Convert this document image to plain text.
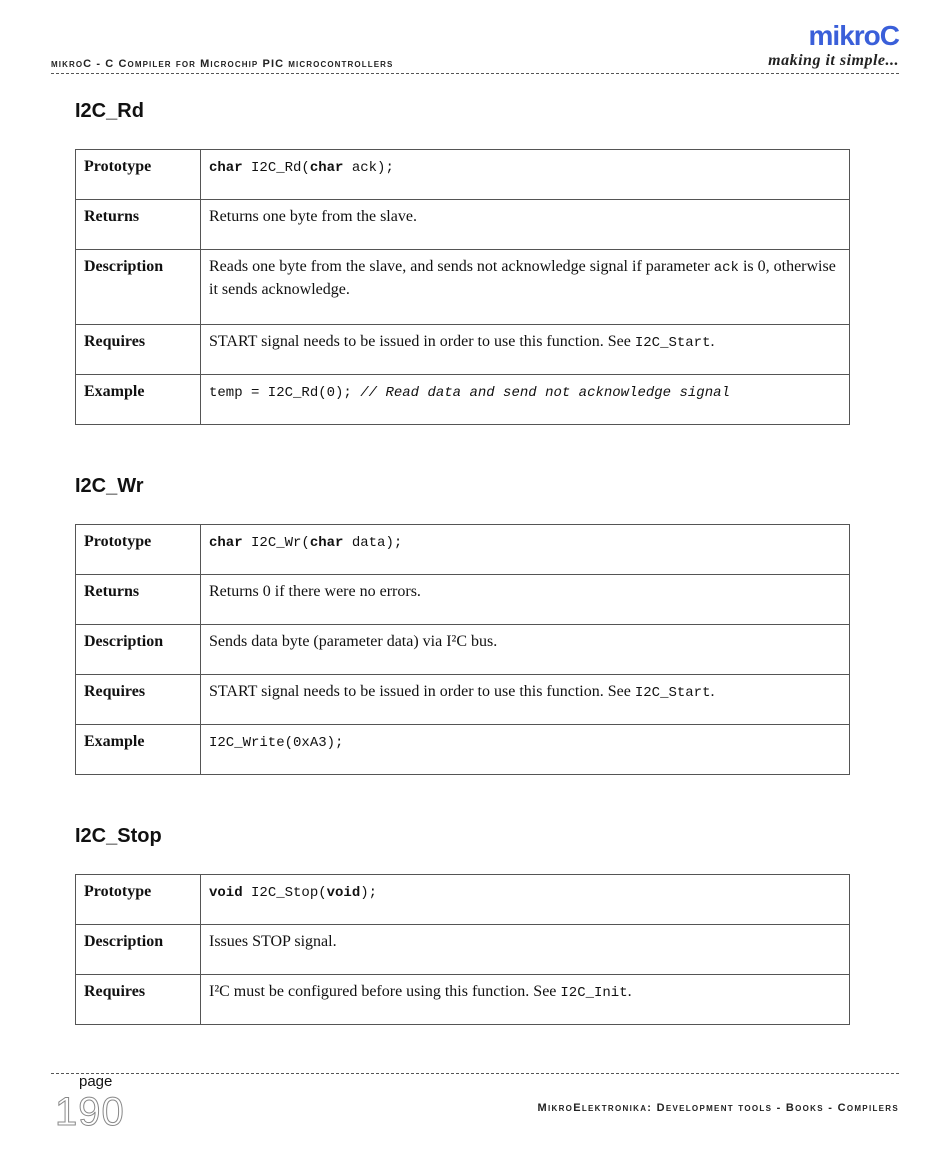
mikroC - C Compiler for Microchip PIC microcontrollers
mikroC
making it simple...
I2C_Rd
Prototype	char I2C_Rd(char ack);
Returns	Returns one byte from the slave.
Description	Reads one byte from the slave, and sends not acknowledge signal if parameter ack is 0, otherwise it sends acknowledge.
Requires	START signal needs to be issued in order to use this function. See I2C_Start.
Example	temp = I2C_Rd(0); // Read data and send not acknowledge signal
I2C_Wr
Prototype	char I2C_Wr(char data);
Returns	Returns 0 if there were no errors.
Description	Sends data byte (parameter data) via I²C bus.
Requires	START signal needs to be issued in order to use this function. See I2C_Start.
Example	I2C_Write(0xA3);
I2C_Stop
Prototype	void I2C_Stop(void);
Description	Issues STOP signal.
Requires	I²C must be configured before using this function. See I2C_Init.
page
190	MikroElektronika: Development tools - Books - Compilers
